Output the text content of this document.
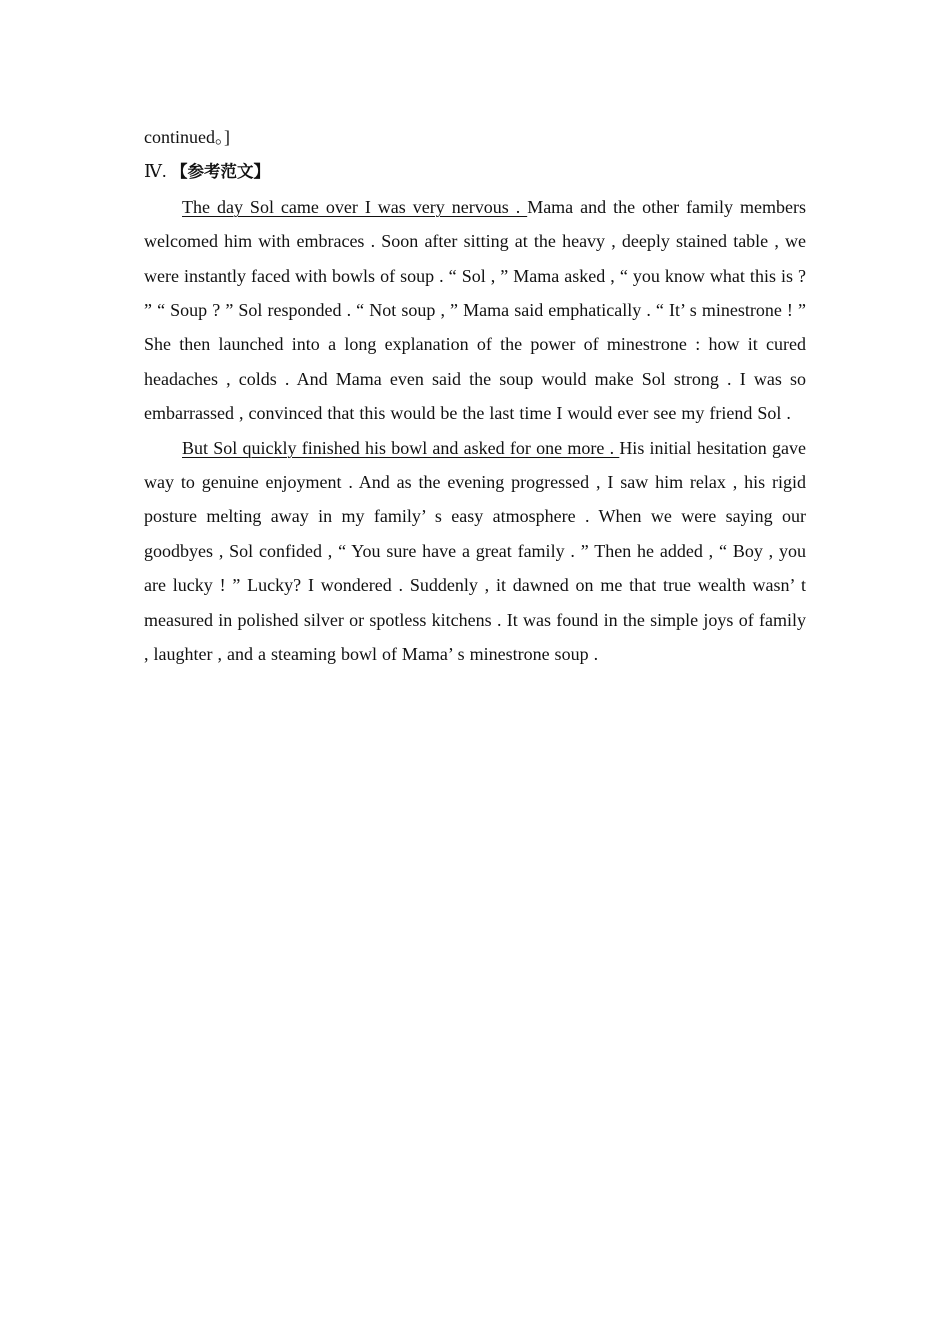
continued。]

Ⅳ. 【参考范文】

The day Sol came over I was very nervous . Mama and the other family members welcomed him with embraces . Soon after sitting at the heavy , deeply stained table , we were instantly faced with bowls of soup . “ Sol , ” Mama asked , “ you know what this is ? ” “ Soup ? ” Sol responded . “ Not soup , ” Mama said emphatically . “ It’ s minestrone ! ” She then launched into a long explanation of the power of minestrone : how it cured headaches , colds . And Mama even said the soup would make Sol strong . I was so embarrassed , convinced that this would be the last time I would ever see my friend Sol .

But Sol quickly finished his bowl and asked for one more . His initial hesitation gave way to genuine enjoyment . And as the evening progressed , I saw him relax , his rigid posture melting away in my family’ s easy atmosphere . When we were saying our goodbyes , Sol confided , “ You sure have a great family . ” Then he added , “ Boy , you are lucky ! ” Lucky? I wondered . Suddenly , it dawned on me that true wealth wasn’ t measured in polished silver or spotless kitchens . It was found in the simple joys of family , laughter , and a steaming bowl of Mama’ s minestrone soup .
